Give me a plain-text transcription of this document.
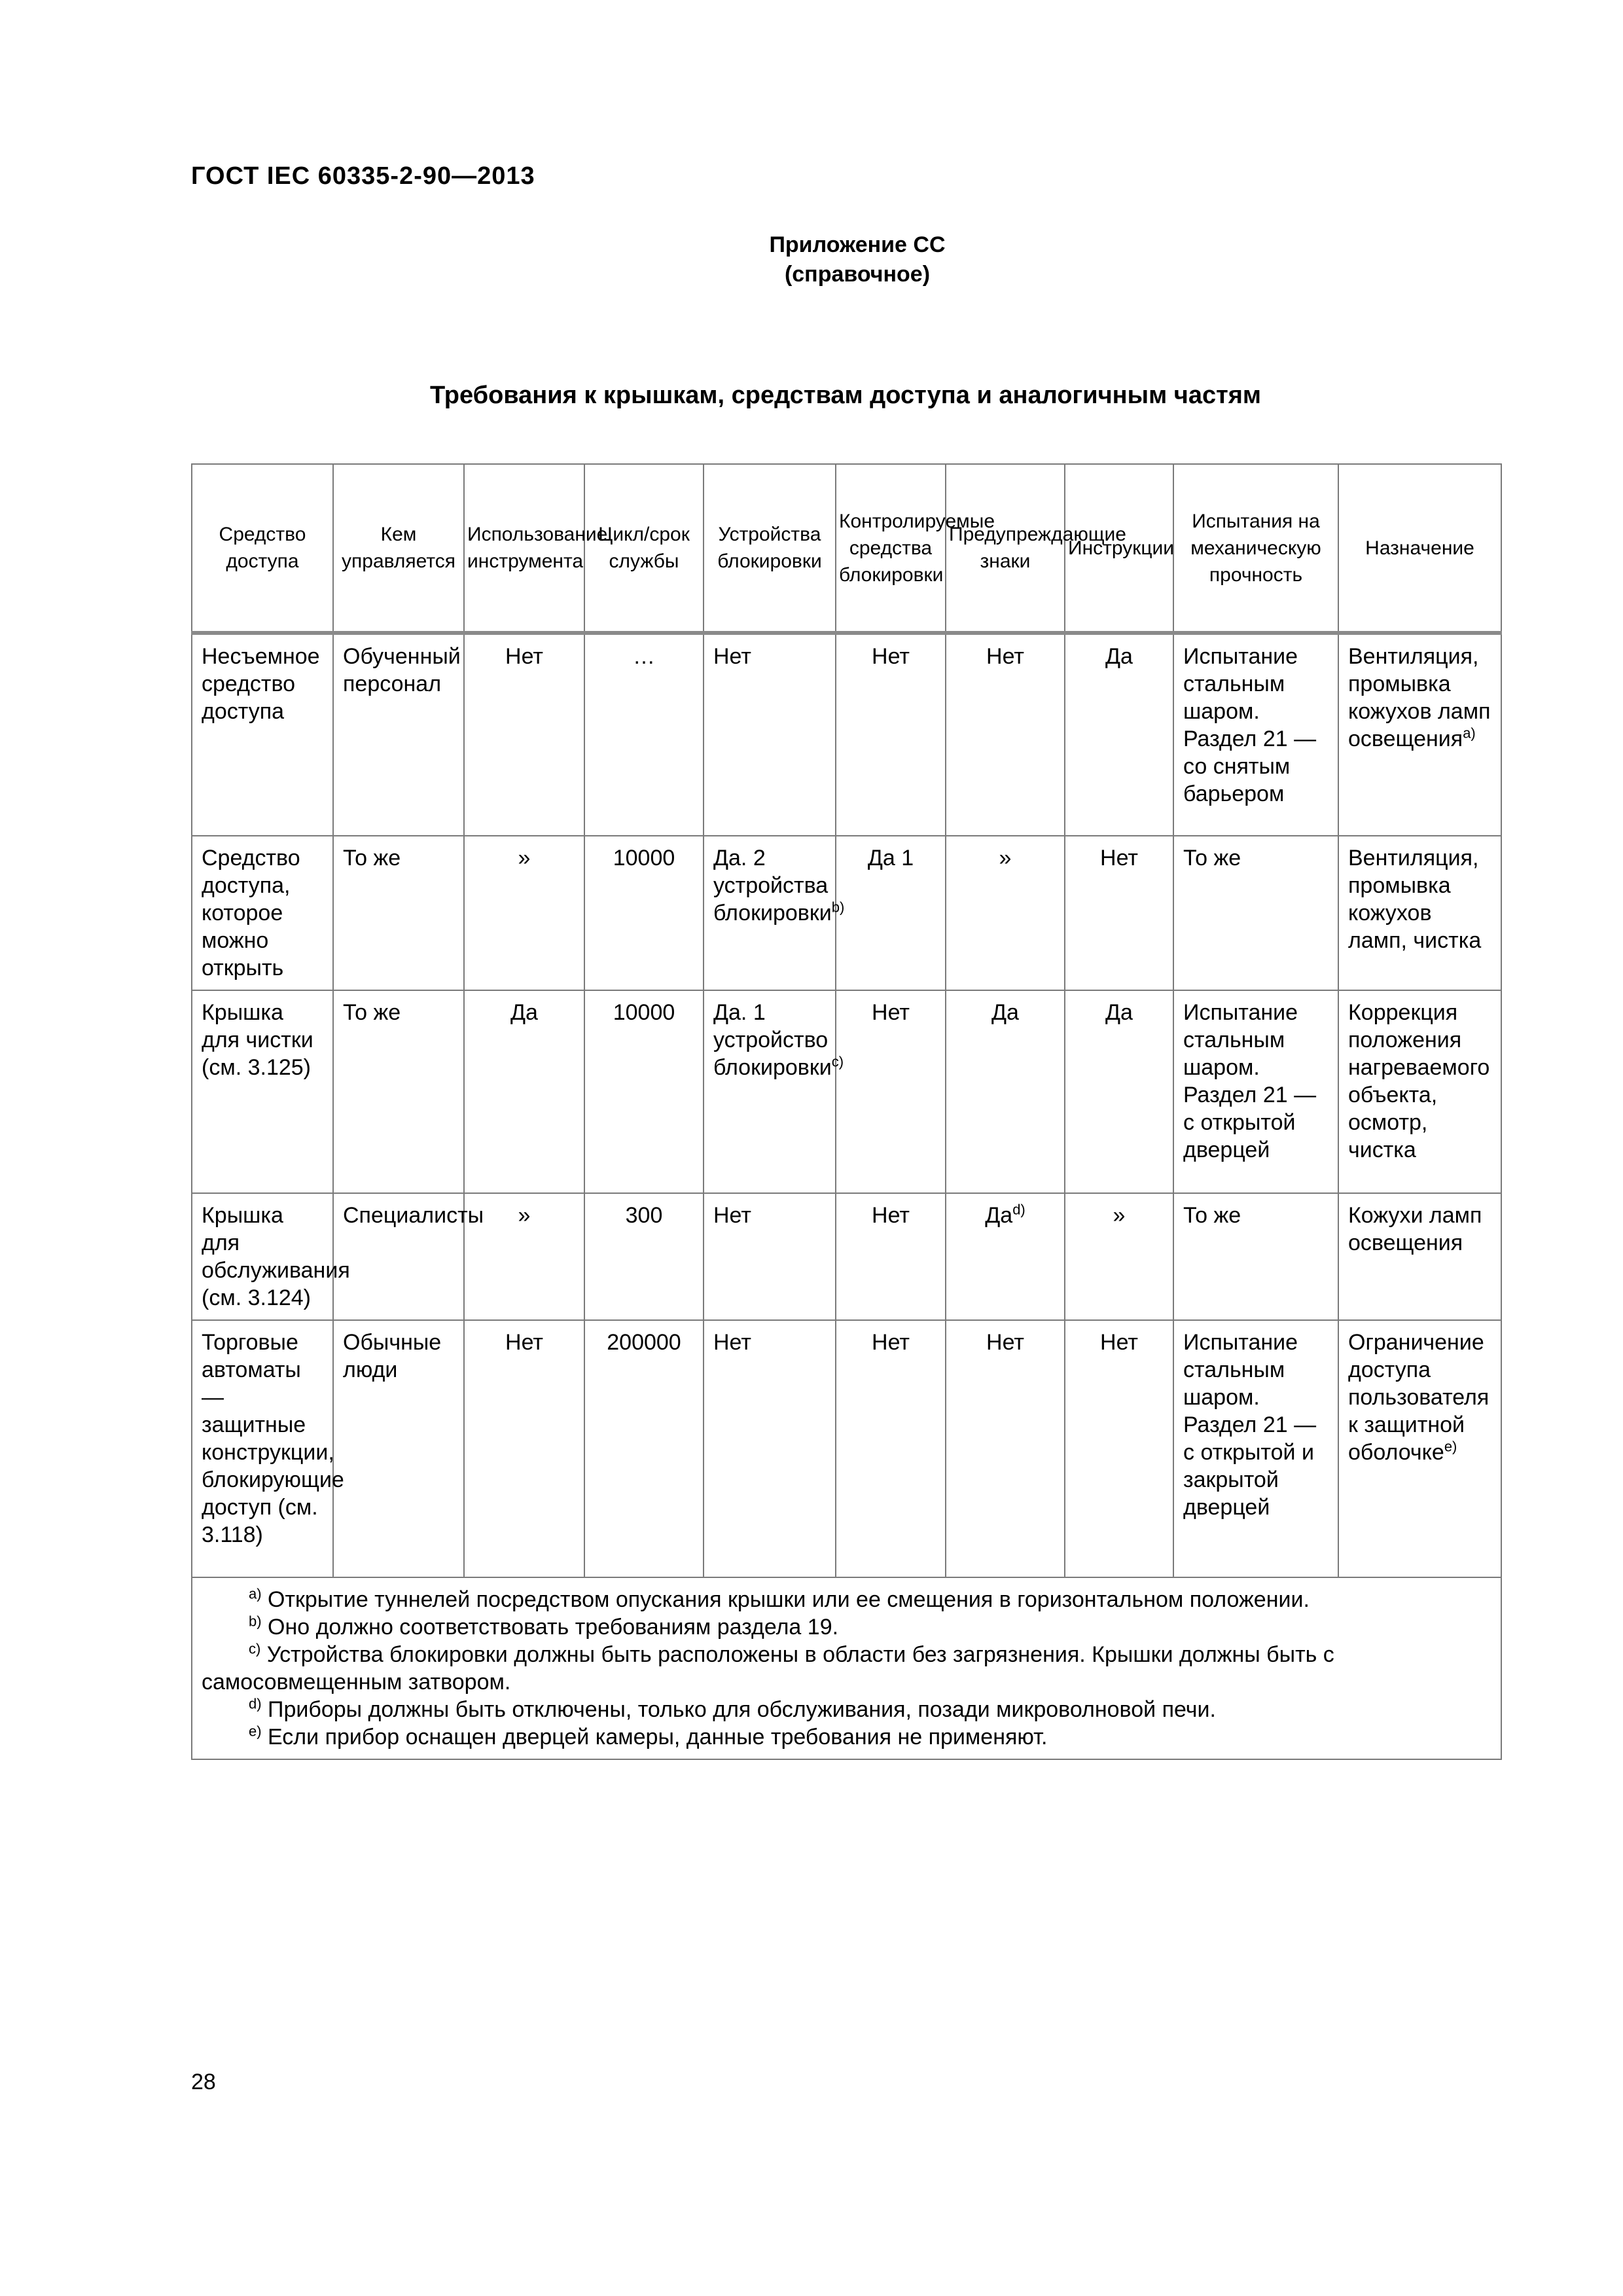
ГОСТ IEC 60335-2-90—2013
Приложение СС
(справочное)
Требования к крышкам, средствам доступа и аналогичным частям
Средство доступа	Кем управляется	Использование инструмента	Цикл/срок службы	Устройства блокировки	Контролируемые средства блокировки	Предупреждающие знаки	Инструкции	Испытания на механическую прочность	Назначение
Несъемное средство доступа	Обученный персонал	Нет	…	Нет	Нет	Нет	Да	Испытание стальным шаром. Раздел 21 — со снятым барьером	Вентиляция, промывка кожухов ламп освещения$^{a)}$
Средство доступа, которое можно открыть	То же	»	10000	Да. 2 устройства блокировки$^{b)}$	Да 1	»	Нет	То же	Вентиляция, промывка кожухов ламп, чистка
Крышка для чистки (см. 3.125)	То же	Да	10000	Да. 1 устройство блокировки$^{c)}$	Нет	Да	Да	Испытание стальным шаром. Раздел 21 — с открытой дверцей	Коррекция положения нагреваемого объекта, осмотр, чистка
Крышка для обслуживания (см. 3.124)	Специалисты	»	300	Нет	Нет	$Да^{d)}$	»	То же	Кожухи ламп освещения
Торговые автоматы — защитные конструкции, блокирующие доступ (см. 3.118)	Обычные люди	Нет	200000	Нет	Нет	Нет	Нет	Испытание стальным шаром. Раздел 21 — с открытой и закрытой дверцей	Ограничение доступа пользователя к защитной оболочке$^{e)}$

$^{a)}$ Открытие туннелей посредством опускания крышки или ее смещения в горизонтальном положении.
$^{b)}$ Оно должно соответствовать требованиям раздела 19.
$^{c)}$ Устройства блокировки должны быть расположены в области без загрязнения. Крышки должны быть с самосовмещенным затвором.
$^{d)}$ Приборы должны быть отключены, только для обслуживания, позади микроволновой печи.
$^{e)}$ Если прибор оснащен дверцей камеры, данные требования не применяют.									
28
